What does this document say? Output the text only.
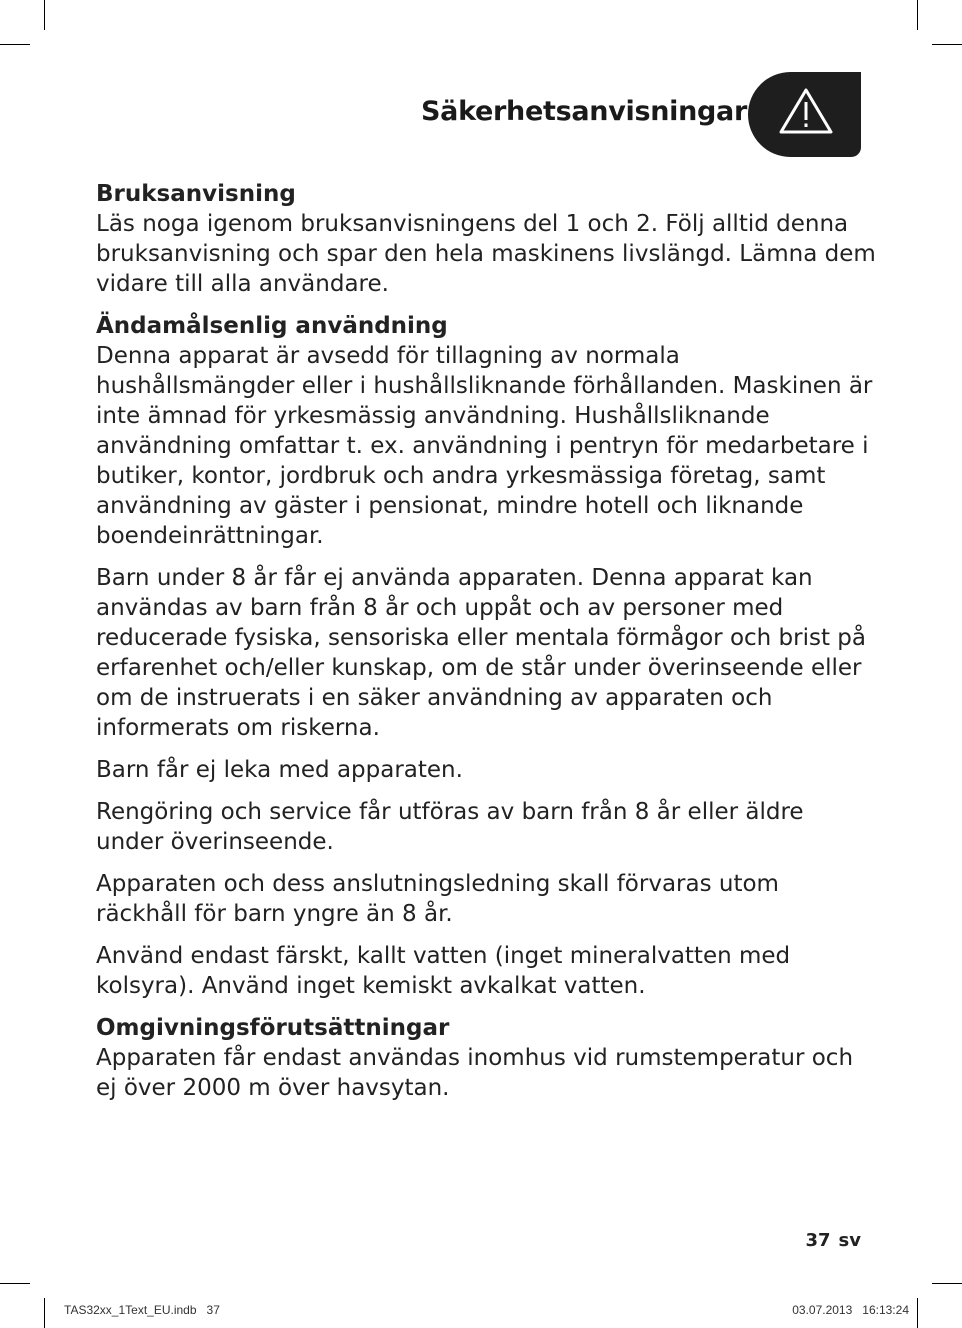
Säkerhetsanvisningar
Bruksanvisning

Läs noga igenom bruksanvisningens del 1 och 2. Följ alltid denna bruksanvisning och spar den hela maskinens livslängd. Lämna dem vidare till alla användare.

Ändamålsenlig användning

Denna apparat är avsedd för tillagning av normala hushållsmängder eller i hushållsliknande förhållanden. Maskinen är inte ämnad för yrkesmässig användning. Hushållsliknande användning omfattar t. ex. användning i pentryn för medarbetare i butiker, kontor, jordbruk och andra yrkesmässiga företag, samt användning av gäster i pensionat, mindre hotell och liknande boendeinrättningar.

Barn under 8 år får ej använda apparaten. Denna apparat kan användas av barn från 8 år och uppåt och av personer med reducerade fysiska, sensoriska eller mentala förmågor och brist på erfarenhet och/eller kunskap, om de står under överinseende eller om de instruerats i en säker användning av apparaten och informerats om riskerna.

Barn får ej leka med apparaten.

Rengöring och service får utföras av barn från 8 år eller äldre under överinseende.

Apparaten och dess anslutningsledning skall förvaras utom räckhåll för barn yngre än 8 år.

Använd endast färskt, kallt vatten (inget mineralvatten med kolsyra). Använd inget kemiskt avkalkat vatten.

Omgivningsförutsättningar

Apparaten får endast användas inomhus vid rumstemperatur och ej över 2000 m över havsytan.

37 sv
TAS32xx_1Text_EU.indb   37	03.07.2013   16:13:24
